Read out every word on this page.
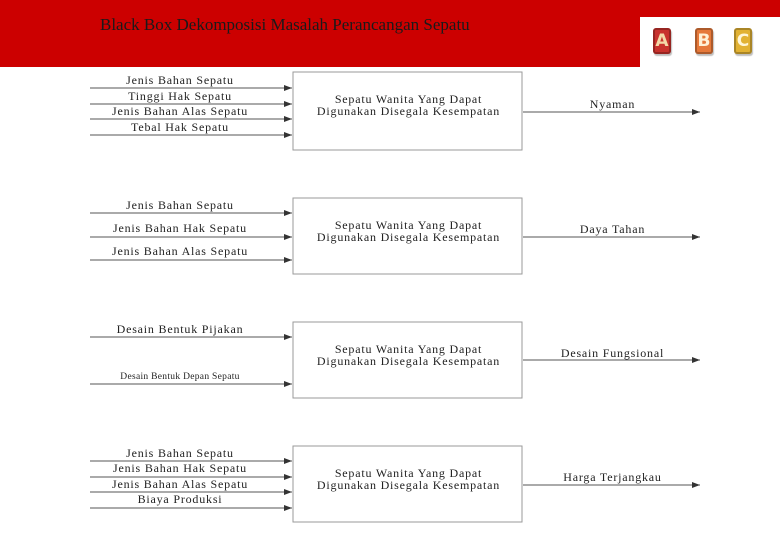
Black Box Dekomposisi Masalah Perancangan Sepatu
A B C
Jenis Bahan Sepatu
Tinggi Hak Sepatu
Jenis Bahan Alas Sepatu
Tebal Hak Sepatu
Nyaman
Sepatu Wanita Yang Dapat Digunakan Disegala Kesempatan
Jenis Bahan Sepatu
Jenis Bahan Hak Sepatu
Jenis Bahan Alas Sepatu
Daya Tahan
Sepatu Wanita Yang Dapat Digunakan Disegala Kesempatan
Desain Bentuk Pijakan
Desain Bentuk Depan Sepatu
Desain Fungsional
Sepatu Wanita Yang Dapat Digunakan Disegala Kesempatan
Jenis Bahan Sepatu
Jenis Bahan Hak Sepatu
Jenis Bahan Alas Sepatu
Biaya Produksi
Harga Terjangkau
Sepatu Wanita Yang Dapat Digunakan Disegala Kesempatan
